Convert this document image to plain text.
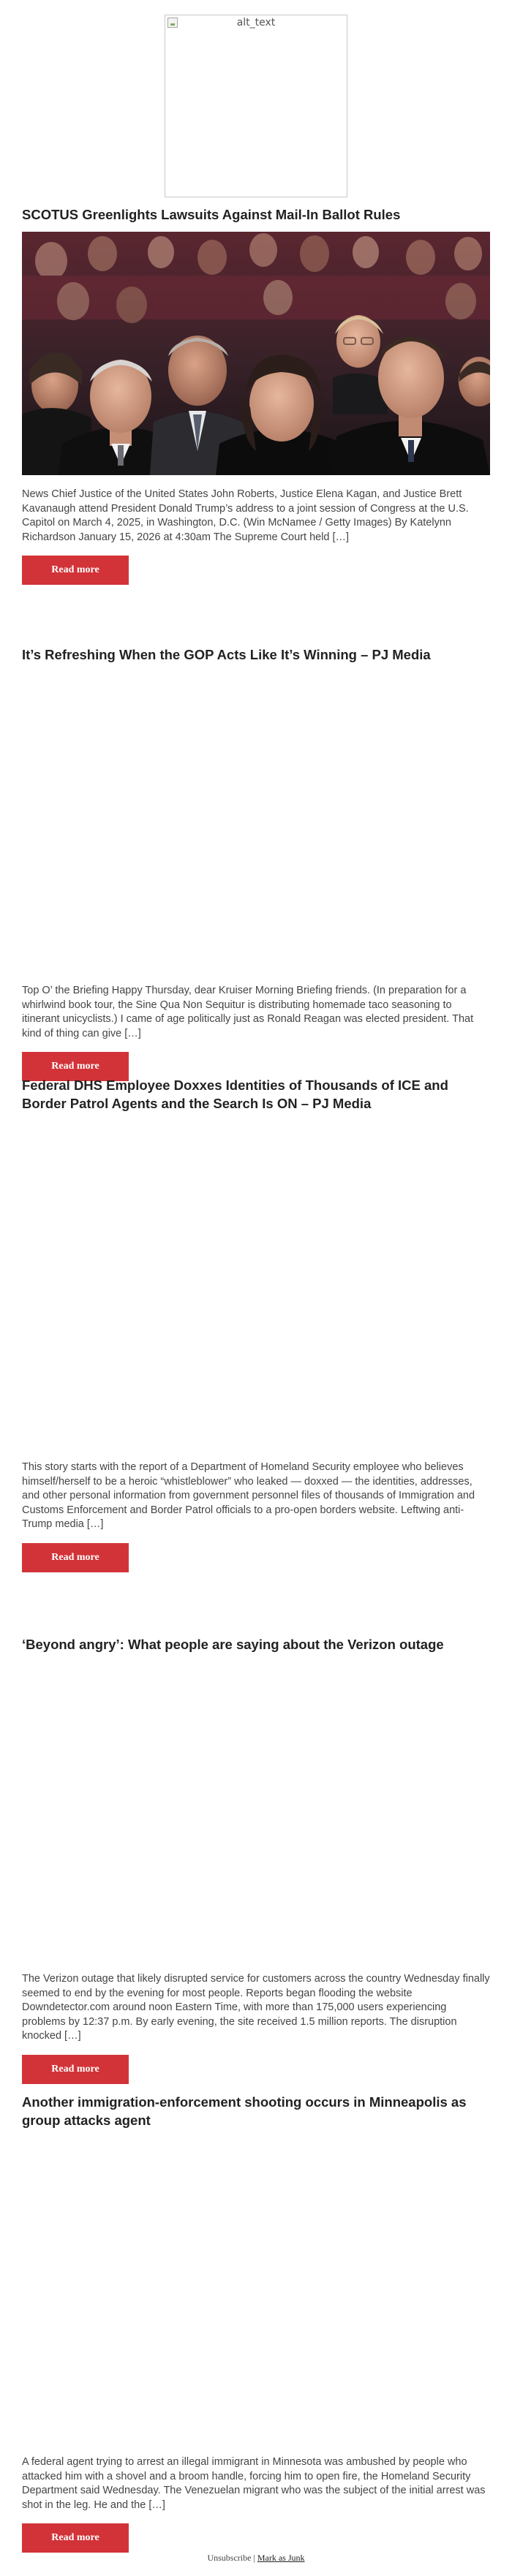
alt_text
SCOTUS Greenlights Lawsuits Against Mail-In Ballot Rules

News Chief Justice of the United States John Roberts, Justice Elena Kagan, and Justice Brett Kavanaugh attend President Donald Trump’s address to a joint session of Congress at the U.S. Capitol on March 4, 2025, in Washington, D.C. (Win McNamee / Getty Images) By Katelynn Richardson January 15, 2026 at 4:30am The Supreme Court held […]

Read more
It’s Refreshing When the GOP Acts Like It’s Winning – PJ Media

Top O’ the Briefing Happy Thursday, dear Kruiser Morning Briefing friends. (In preparation for a whirlwind book tour, the Sine Qua Non Sequitur is distributing homemade taco seasoning to itinerant unicyclists.) I came of age politically just as Ronald Reagan was elected president. That kind of thing can give […]

Read more
Federal DHS Employee Doxxes Identities of Thousands of ICE and Border Patrol Agents and the Search Is ON – PJ Media

This story starts with the report of a Department of Homeland Security employee who believes himself/herself to be a heroic “whistleblower” who leaked — doxxed — the identities, addresses, and other personal information from government personnel files of thousands of Immigration and Customs Enforcement and Border Patrol officials to a pro-open borders website. Leftwing anti-Trump media […]

Read more
‘Beyond angry’: What people are saying about the Verizon outage

The Verizon outage that likely disrupted service for customers across the country Wednesday finally seemed to end by the evening for most people. Reports began flooding the website Downdetector.com around noon Eastern Time, with more than 175,000 users experiencing problems by 12:37 p.m. By early evening, the site received 1.5 million reports. The disruption knocked […]

Read more
Another immigration-enforcement shooting occurs in Minneapolis as group attacks agent

A federal agent trying to arrest an illegal immigrant in Minnesota was ambushed by people who attacked him with a shovel and a broom handle, forcing him to open fire, the Homeland Security Department said Wednesday. The Venezuelan migrant who was the subject of the initial arrest was shot in the leg. He and the […]

Read more
Unsubscribe | Mark as Junk
